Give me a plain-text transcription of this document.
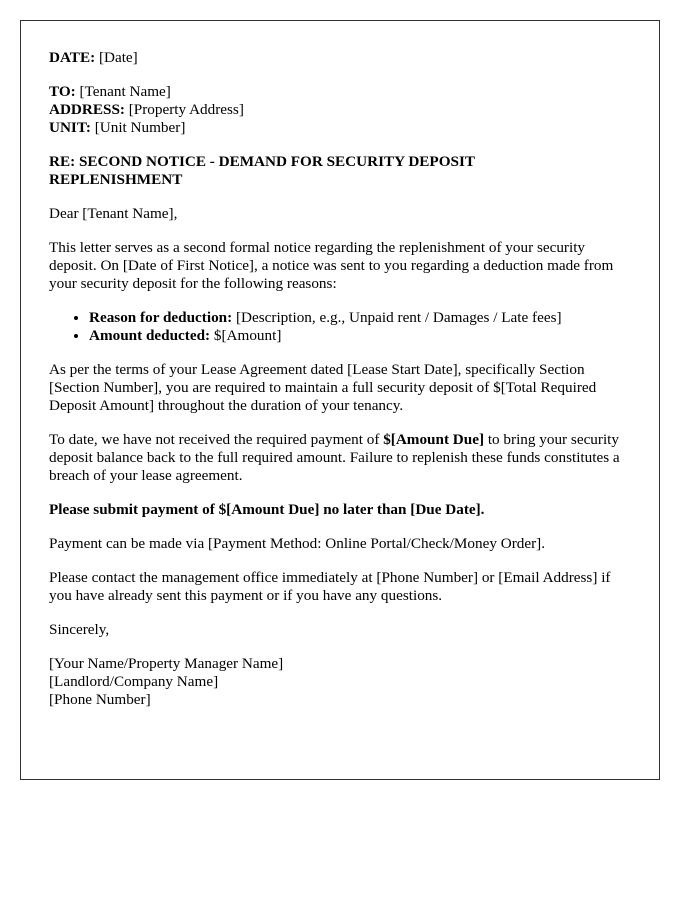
DATE: [Date]
TO: [Tenant Name]
ADDRESS: [Property Address]
UNIT: [Unit Number]
RE: SECOND NOTICE - DEMAND FOR SECURITY DEPOSIT REPLENISHMENT
Dear [Tenant Name],
This letter serves as a second formal notice regarding the replenishment of your security deposit. On [Date of First Notice], a notice was sent to you regarding a deduction made from your security deposit for the following reasons:
• Reason for deduction: [Description, e.g., Unpaid rent / Damages / Late fees]
• Amount deducted: $[Amount]
As per the terms of your Lease Agreement dated [Lease Start Date], specifically Section [Section Number], you are required to maintain a full security deposit of $[Total Required Deposit Amount] throughout the duration of your tenancy.
To date, we have not received the required payment of $[Amount Due] to bring your security deposit balance back to the full required amount. Failure to replenish these funds constitutes a breach of your lease agreement.
Please submit payment of $[Amount Due] no later than [Due Date].
Payment can be made via [Payment Method: Online Portal/Check/Money Order].
Please contact the management office immediately at [Phone Number] or [Email Address] if you have already sent this payment or if you have any questions.
Sincerely,
[Your Name/Property Manager Name]
[Landlord/Company Name]
[Phone Number]
